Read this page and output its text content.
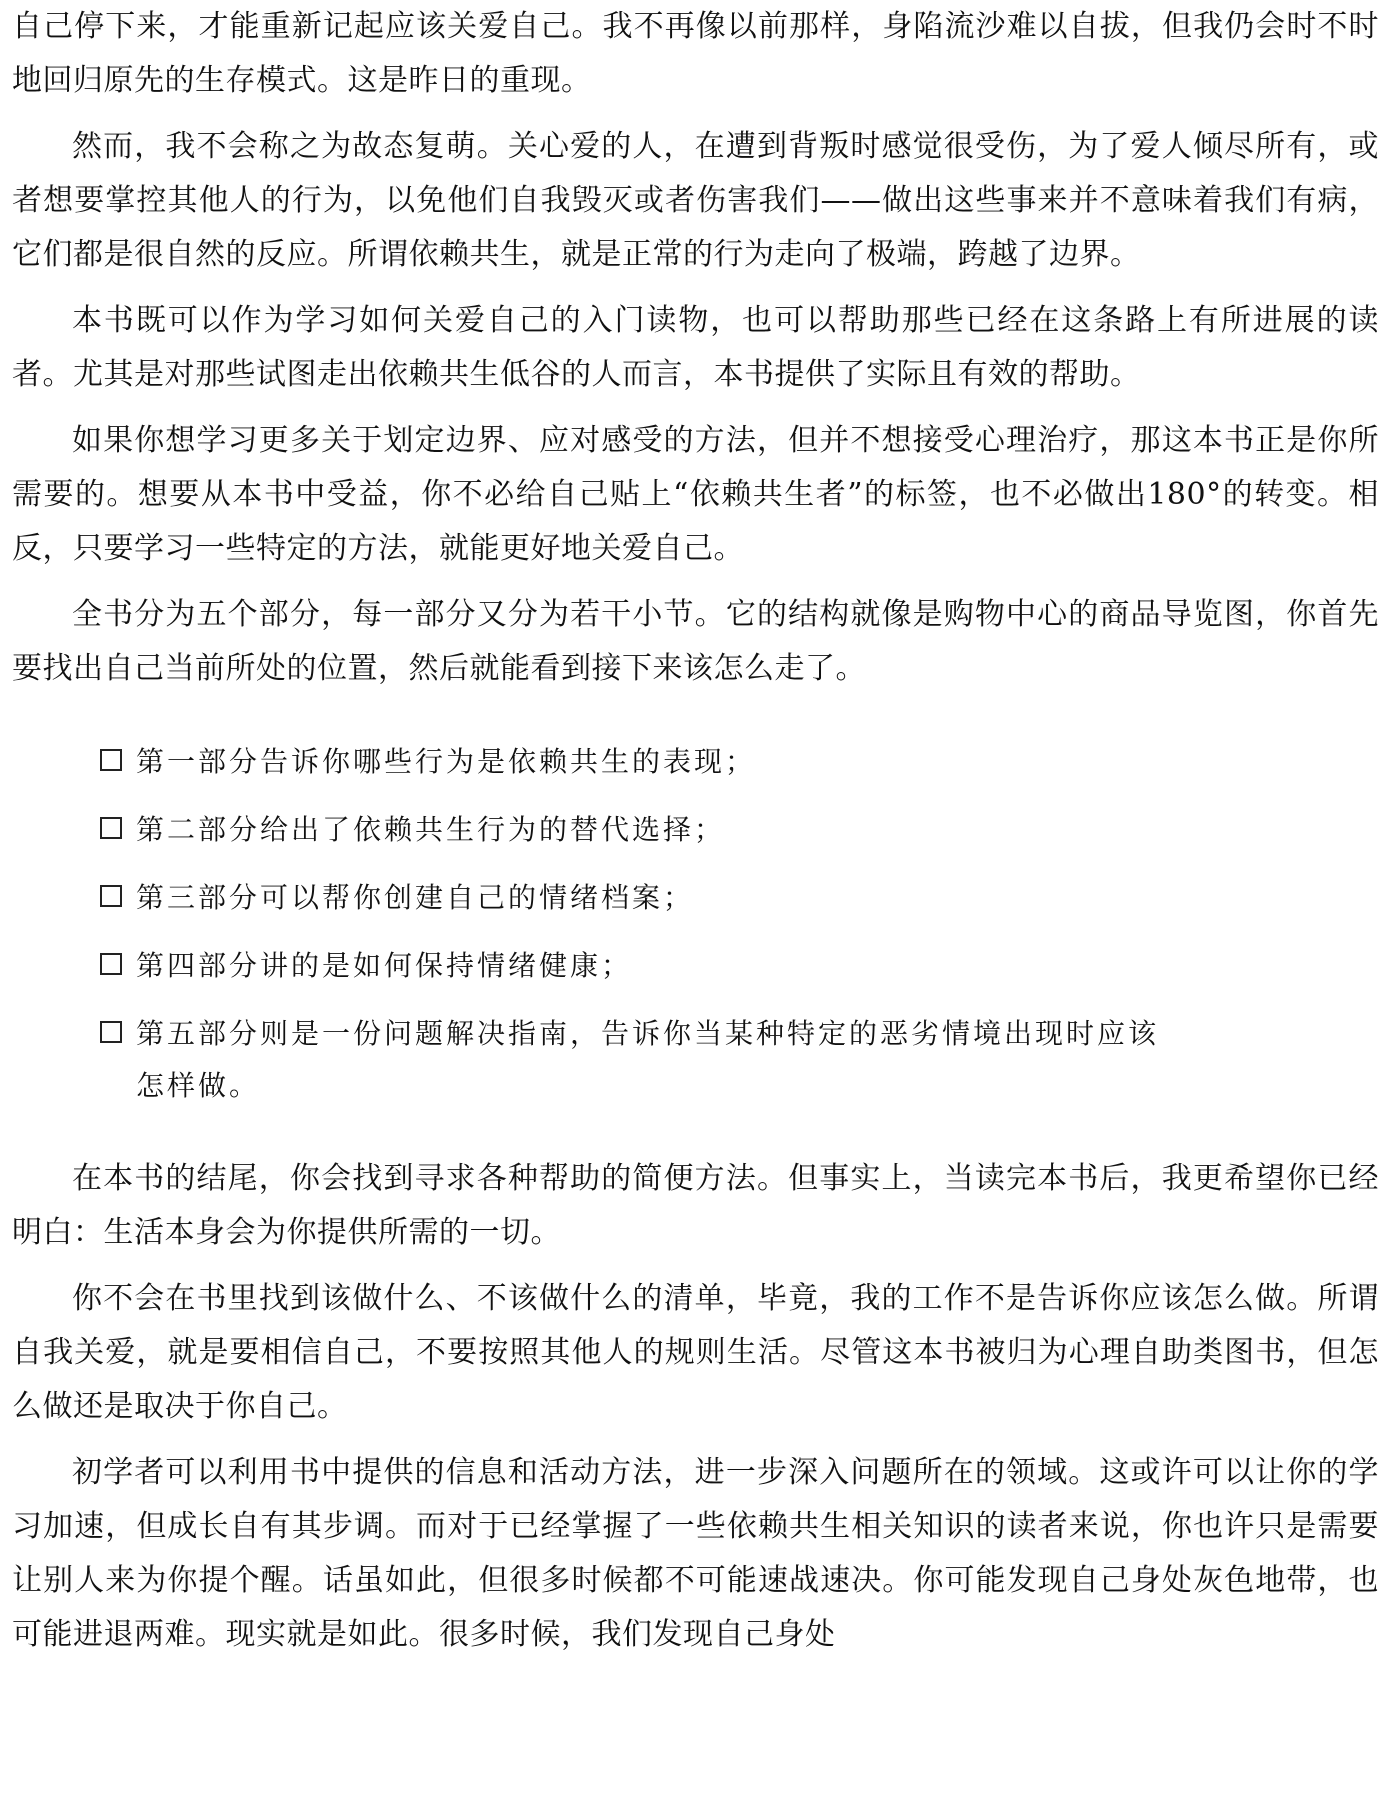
自己停下来，才能重新记起应该关爱自己。我不再像以前那样，身陷流沙难以自拔，但我仍会时不时地回归原先的生存模式。这是昨日的重现。

然而，我不会称之为故态复萌。关心爱的人，在遭到背叛时感觉很受伤，为了爱人倾尽所有，或者想要掌控其他人的行为，以免他们自我毁灭或者伤害我们——做出这些事来并不意味着我们有病，它们都是很自然的反应。所谓依赖共生，就是正常的行为走向了极端，跨越了边界。

本书既可以作为学习如何关爱自己的入门读物，也可以帮助那些已经在这条路上有所进展的读者。尤其是对那些试图走出依赖共生低谷的人而言，本书提供了实际且有效的帮助。

如果你想学习更多关于划定边界、应对感受的方法，但并不想接受心理治疗，那这本书正是你所需要的。想要从本书中受益，你不必给自己贴上“依赖共生者”的标签，也不必做出180°的转变。相反，只要学习一些特定的方法，就能更好地关爱自己。

全书分为五个部分，每一部分又分为若干小节。它的结构就像是购物中心的商品导览图，你首先要找出自己当前所处的位置，然后就能看到接下来该怎么走了。

第一部分告诉你哪些行为是依赖共生的表现；
第二部分给出了依赖共生行为的替代选择；
第三部分可以帮你创建自己的情绪档案；
第四部分讲的是如何保持情绪健康；
第五部分则是一份问题解决指南，告诉你当某种特定的恶劣情境出现时应该怎样做。

在本书的结尾，你会找到寻求各种帮助的简便方法。但事实上，当读完本书后，我更希望你已经明白：生活本身会为你提供所需的一切。

你不会在书里找到该做什么、不该做什么的清单，毕竟，我的工作不是告诉你应该怎么做。所谓自我关爱，就是要相信自己，不要按照其他人的规则生活。尽管这本书被归为心理自助类图书，但怎么做还是取决于你自己。

初学者可以利用书中提供的信息和活动方法，进一步深入问题所在的领域。这或许可以让你的学习加速，但成长自有其步调。而对于已经掌握了一些依赖共生相关知识的读者来说，你也许只是需要让别人来为你提个醒。话虽如此，但很多时候都不可能速战速决。你可能发现自己身处灰色地带，也可能进退两难。现实就是如此。很多时候，我们发现自己身处
